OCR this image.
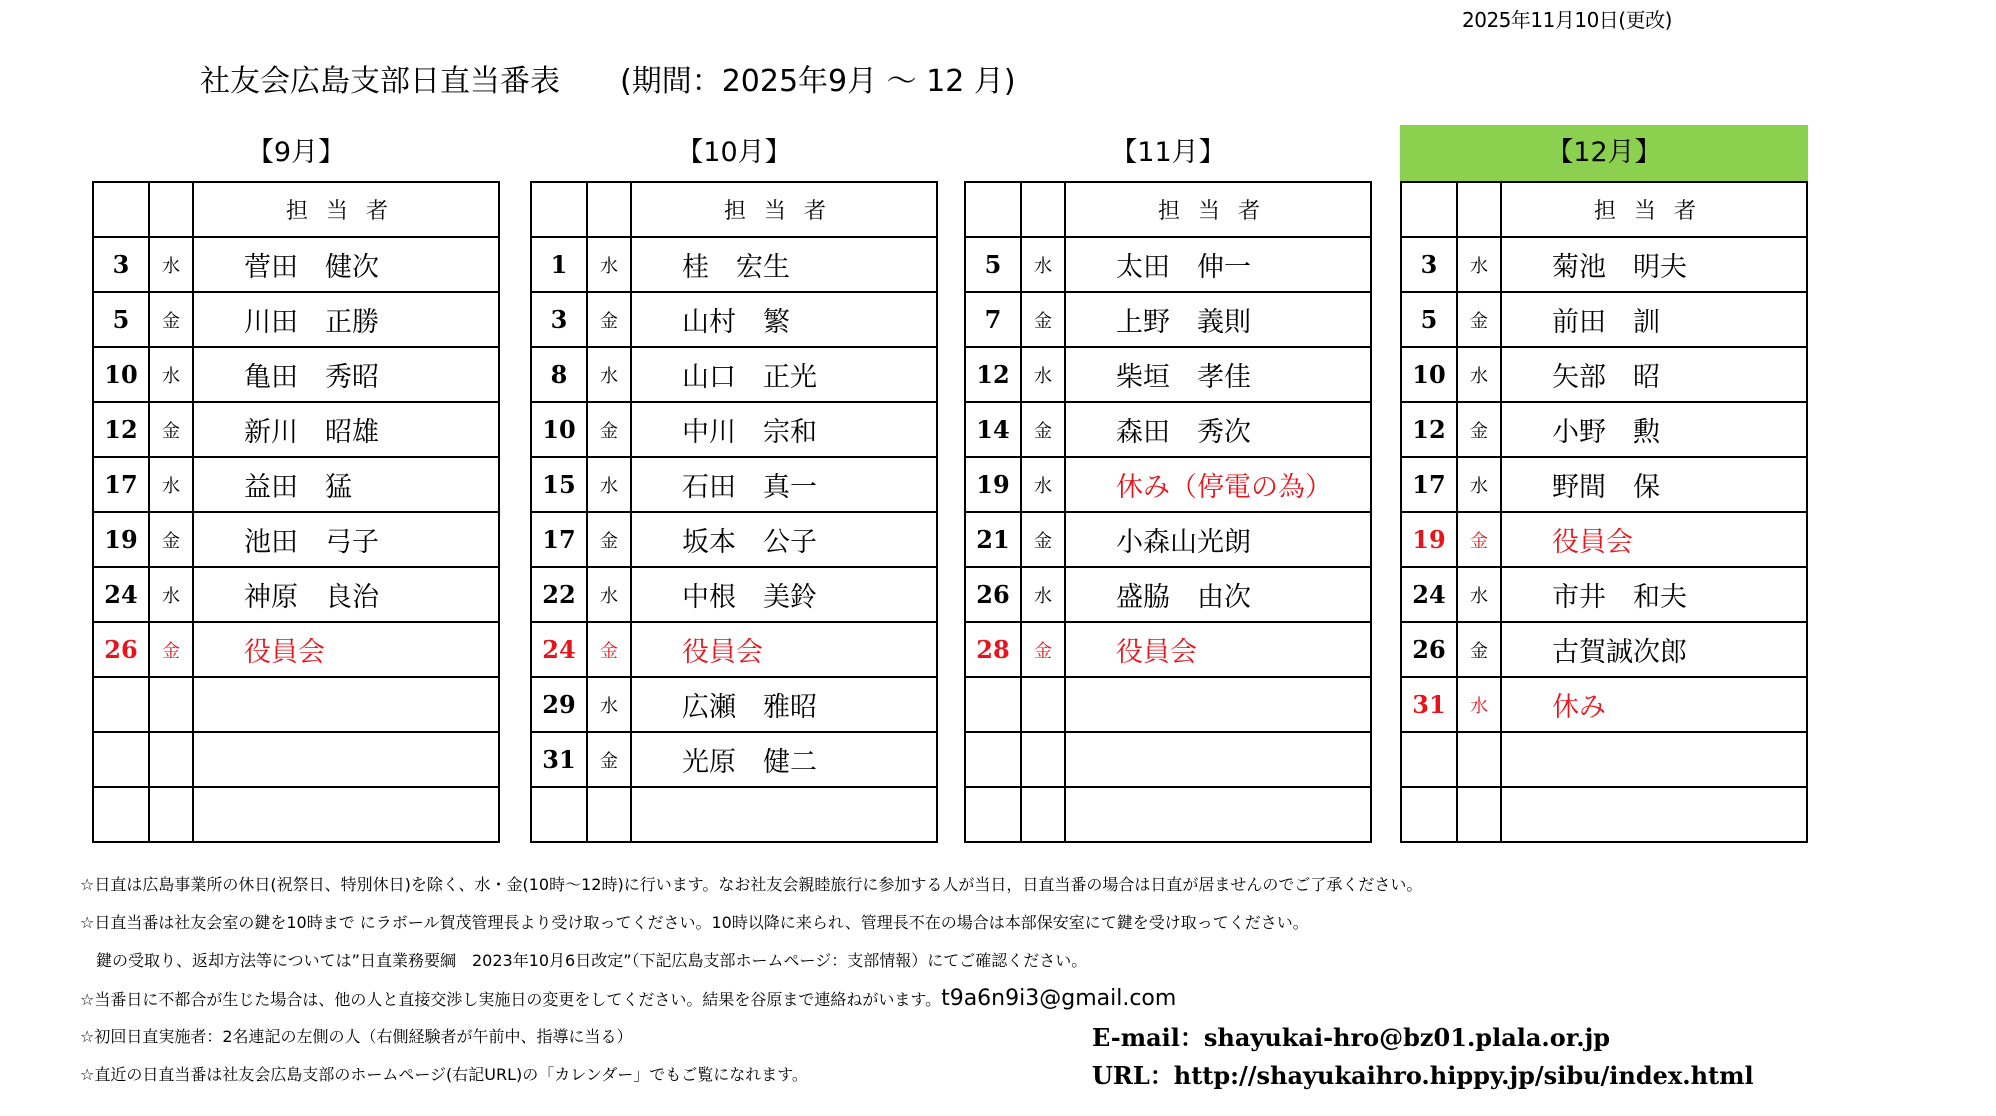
2025年11月10日(更改)
社友会広島支部日直当番表　　(期間：2025年9月 〜 12 月)
【9月】
		担当者
3	水	菅田　健次
5	金	川田　正勝
10	水	亀田　秀昭
12	金	新川　昭雄
17	水	益田　猛
19	金	池田　弓子
24	水	神原　良治
26	金	役員会

【10月】
		担当者
1	水	桂　宏生
3	金	山村　繁
8	水	山口　正光
10	金	中川　宗和
15	水	石田　真一
17	金	坂本　公子
22	水	中根　美鈴
24	金	役員会
29	水	広瀬　雅昭
31	金	光原　健二

【11月】
		担当者
5	水	太田　伸一
7	金	上野　義則
12	水	柴垣　孝佳
14	金	森田　秀次
19	水	休み（停電の為）
21	金	小森山光朗
26	水	盛脇　由次
28	金	役員会

【12月】
		担当者
3	水	菊池　明夫
5	金	前田　訓
10	水	矢部　昭
12	金	小野　勲
17	水	野間　保
19	金	役員会
24	水	市井　和夫
26	金	古賀誠次郎
31	水	休み

☆日直は広島事業所の休日(祝祭日、特別休日)を除く、水・金(10時〜12時)に行います。なお社友会親睦旅行に参加する人が当日，日直当番の場合は日直が居ませんのでご了承ください。
☆日直当番は社友会室の鍵を10時まで にラボール賀茂管理長より受け取ってください。10時以降に来られ、管理長不在の場合は本部保安室にて鍵を受け取ってください。
　鍵の受取り、返却方法等については”日直業務要綱　2023年10月6日改定”（下記広島支部ホームページ：支部情報）にてご確認ください。
☆当番日に不都合が生じた場合は、他の人と直接交渉し実施日の変更をしてください。結果を谷原まで連絡ねがいます。t9a6n9i3@gmail.com
☆初回日直実施者：2名連記の左側の人（右側経験者が午前中、指導に当る）
☆直近の日直当番は社友会広島支部のホームページ(右記URL)の「カレンダー」でもご覧になれます。
E-mail：shayukai-hro@bz01.plala.or.jp
URL：http://shayukaihro.hippy.jp/sibu/index.html
